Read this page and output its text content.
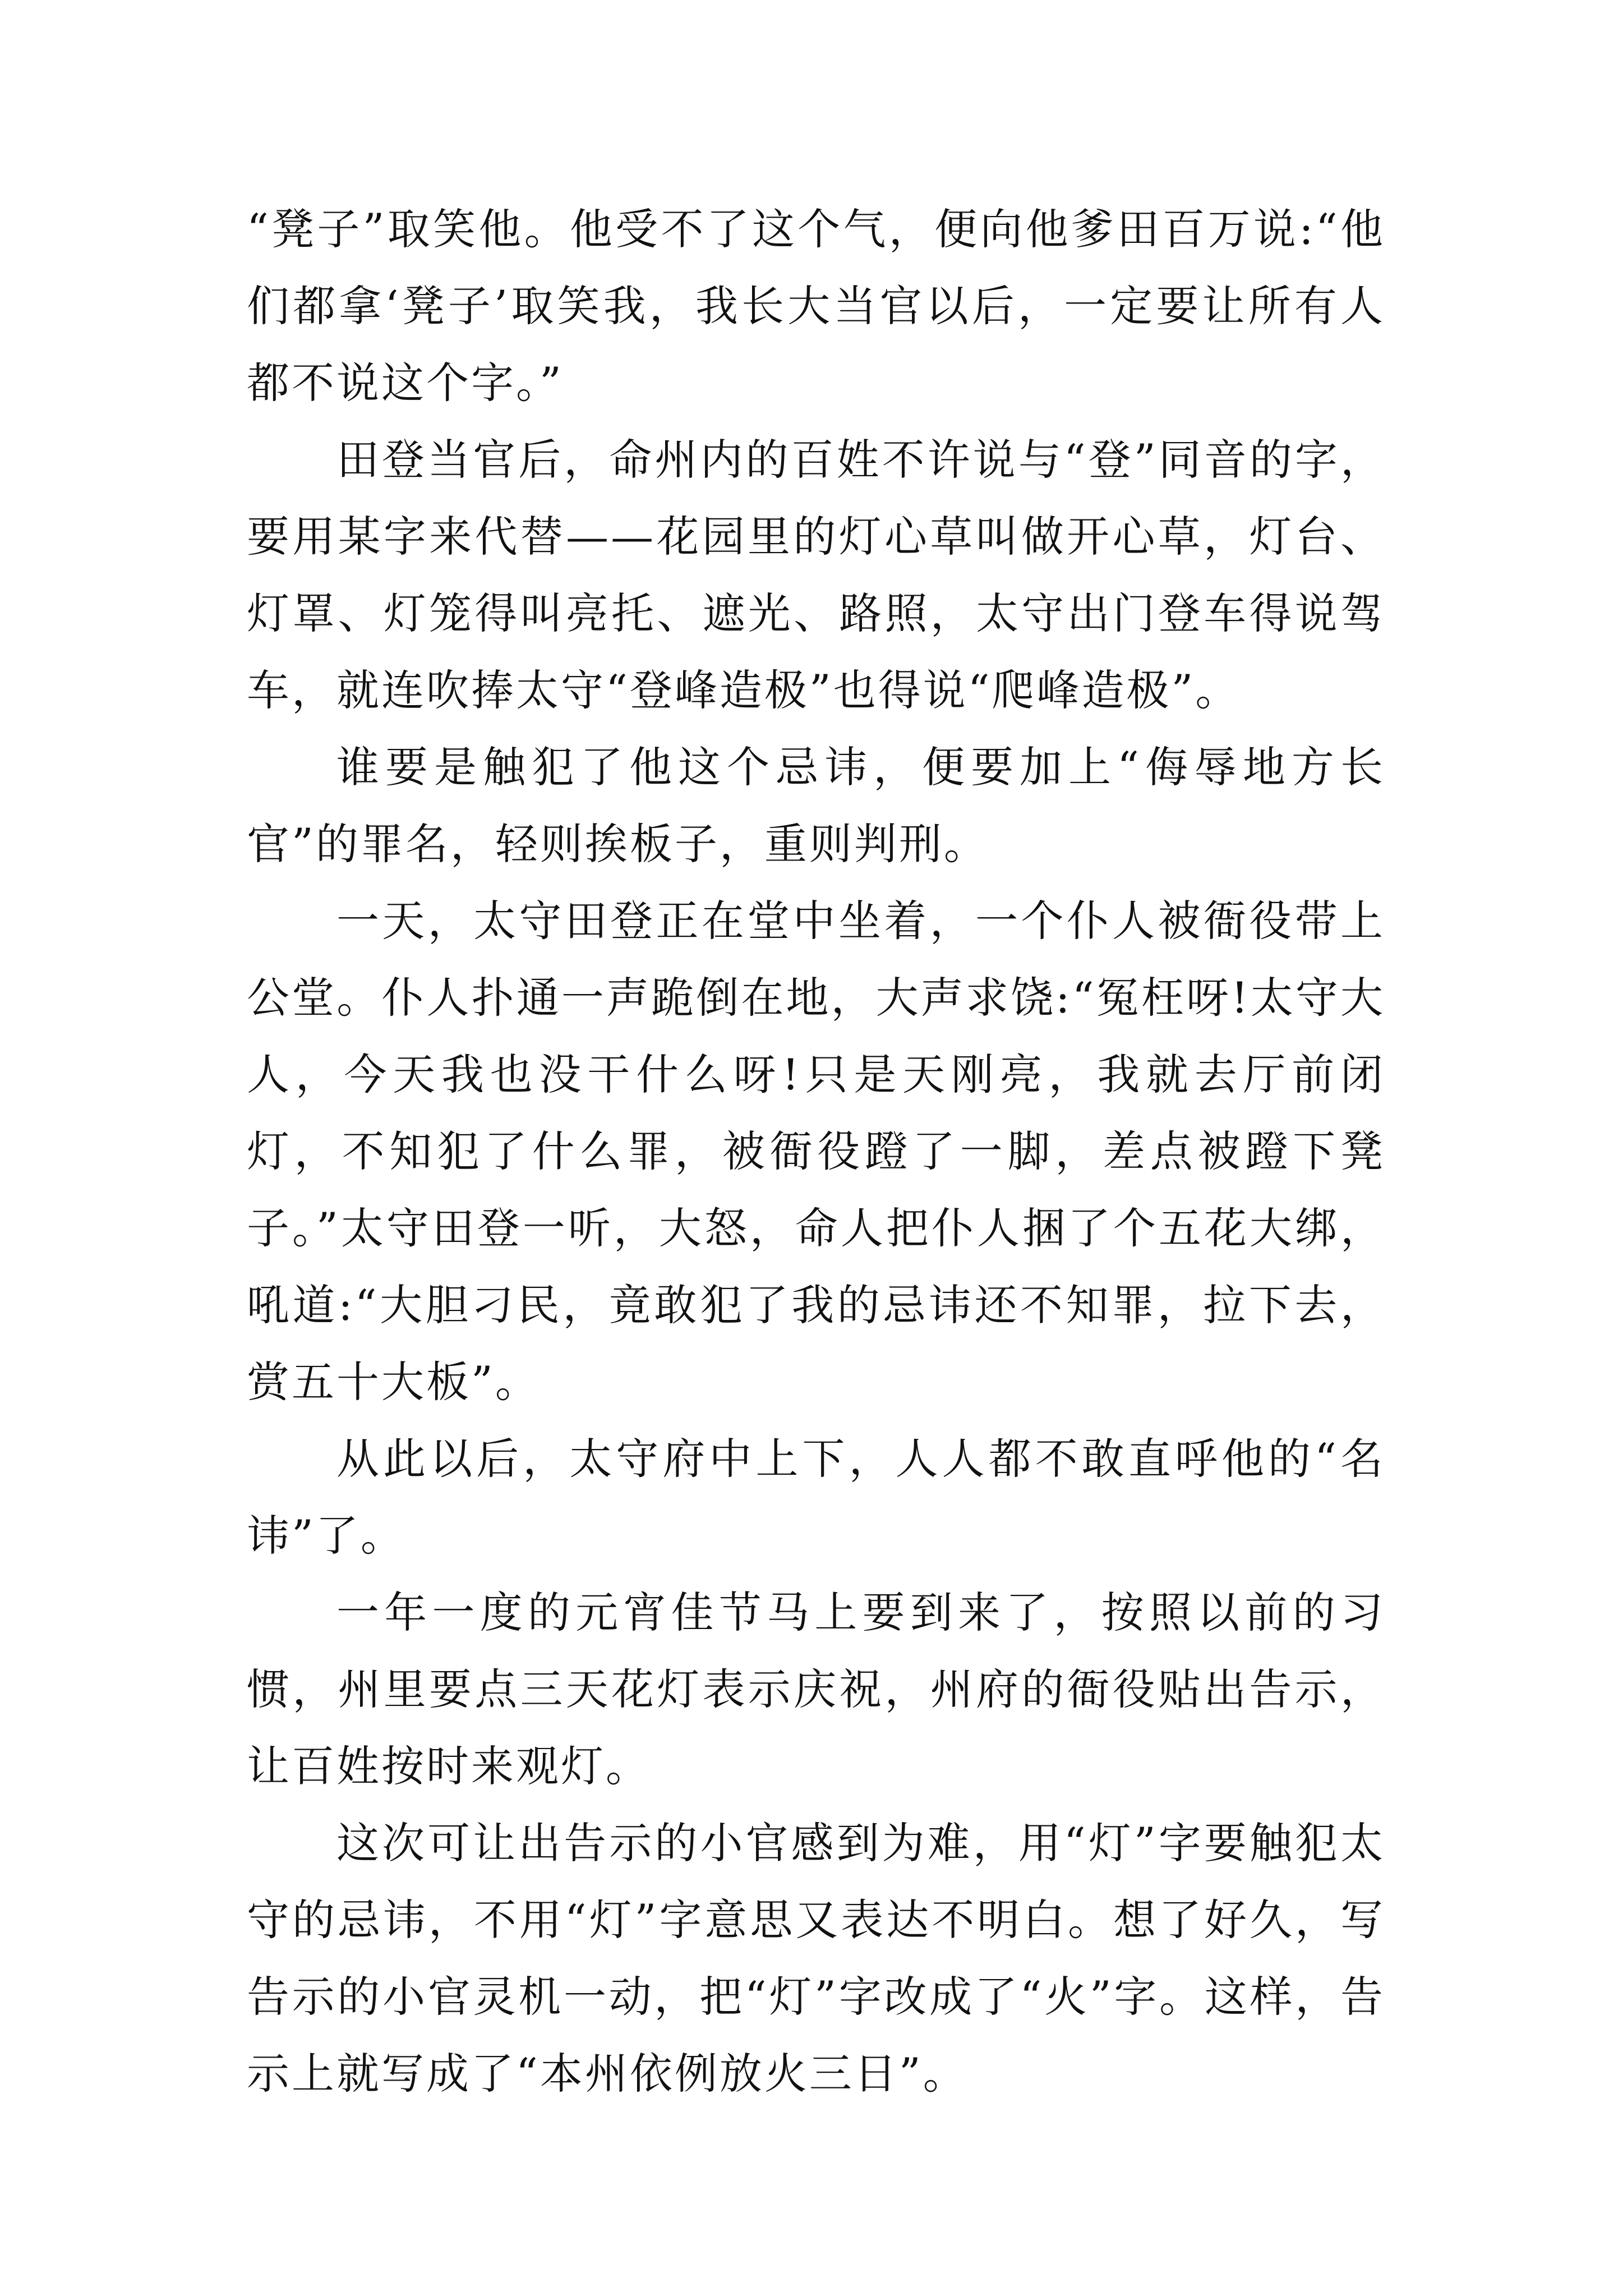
“凳子”取笑他。他受不了这个气，便向他爹田百万说:“他们都拿‘凳子’取笑我，我长大当官以后，一定要让所有人都不说这个字。”

田登当官后，命州内的百姓不许说与“登”同音的字，要用某字来代替——花园里的灯心草叫做开心草，灯台、灯罩、灯笼得叫亮托、遮光、路照，太守出门登车得说驾车，就连吹捧太守“登峰造极”也得说“爬峰造极”。

谁要是触犯了他这个忌讳，便要加上“侮辱地方长官”的罪名，轻则挨板子，重则判刑。

一天，太守田登正在堂中坐着，一个仆人被衙役带上公堂。仆人扑通一声跪倒在地，大声求饶:“冤枉呀!太守大人，今天我也没干什么呀!只是天刚亮，我就去厅前闭灯，不知犯了什么罪，被衙役蹬了一脚，差点被蹬下凳子。”太守田登一听，大怒，命人把仆人捆了个五花大绑，吼道:“大胆刁民，竟敢犯了我的忌讳还不知罪，拉下去，赏五十大板”。

从此以后，太守府中上下，人人都不敢直呼他的“名讳”了。

一年一度的元宵佳节马上要到来了，按照以前的习惯，州里要点三天花灯表示庆祝，州府的衙役贴出告示，让百姓按时来观灯。

这次可让出告示的小官感到为难，用“灯”字要触犯太守的忌讳，不用“灯”字意思又表达不明白。想了好久，写告示的小官灵机一动，把“灯”字改成了“火”字。这样，告示上就写成了“本州依例放火三日”。
